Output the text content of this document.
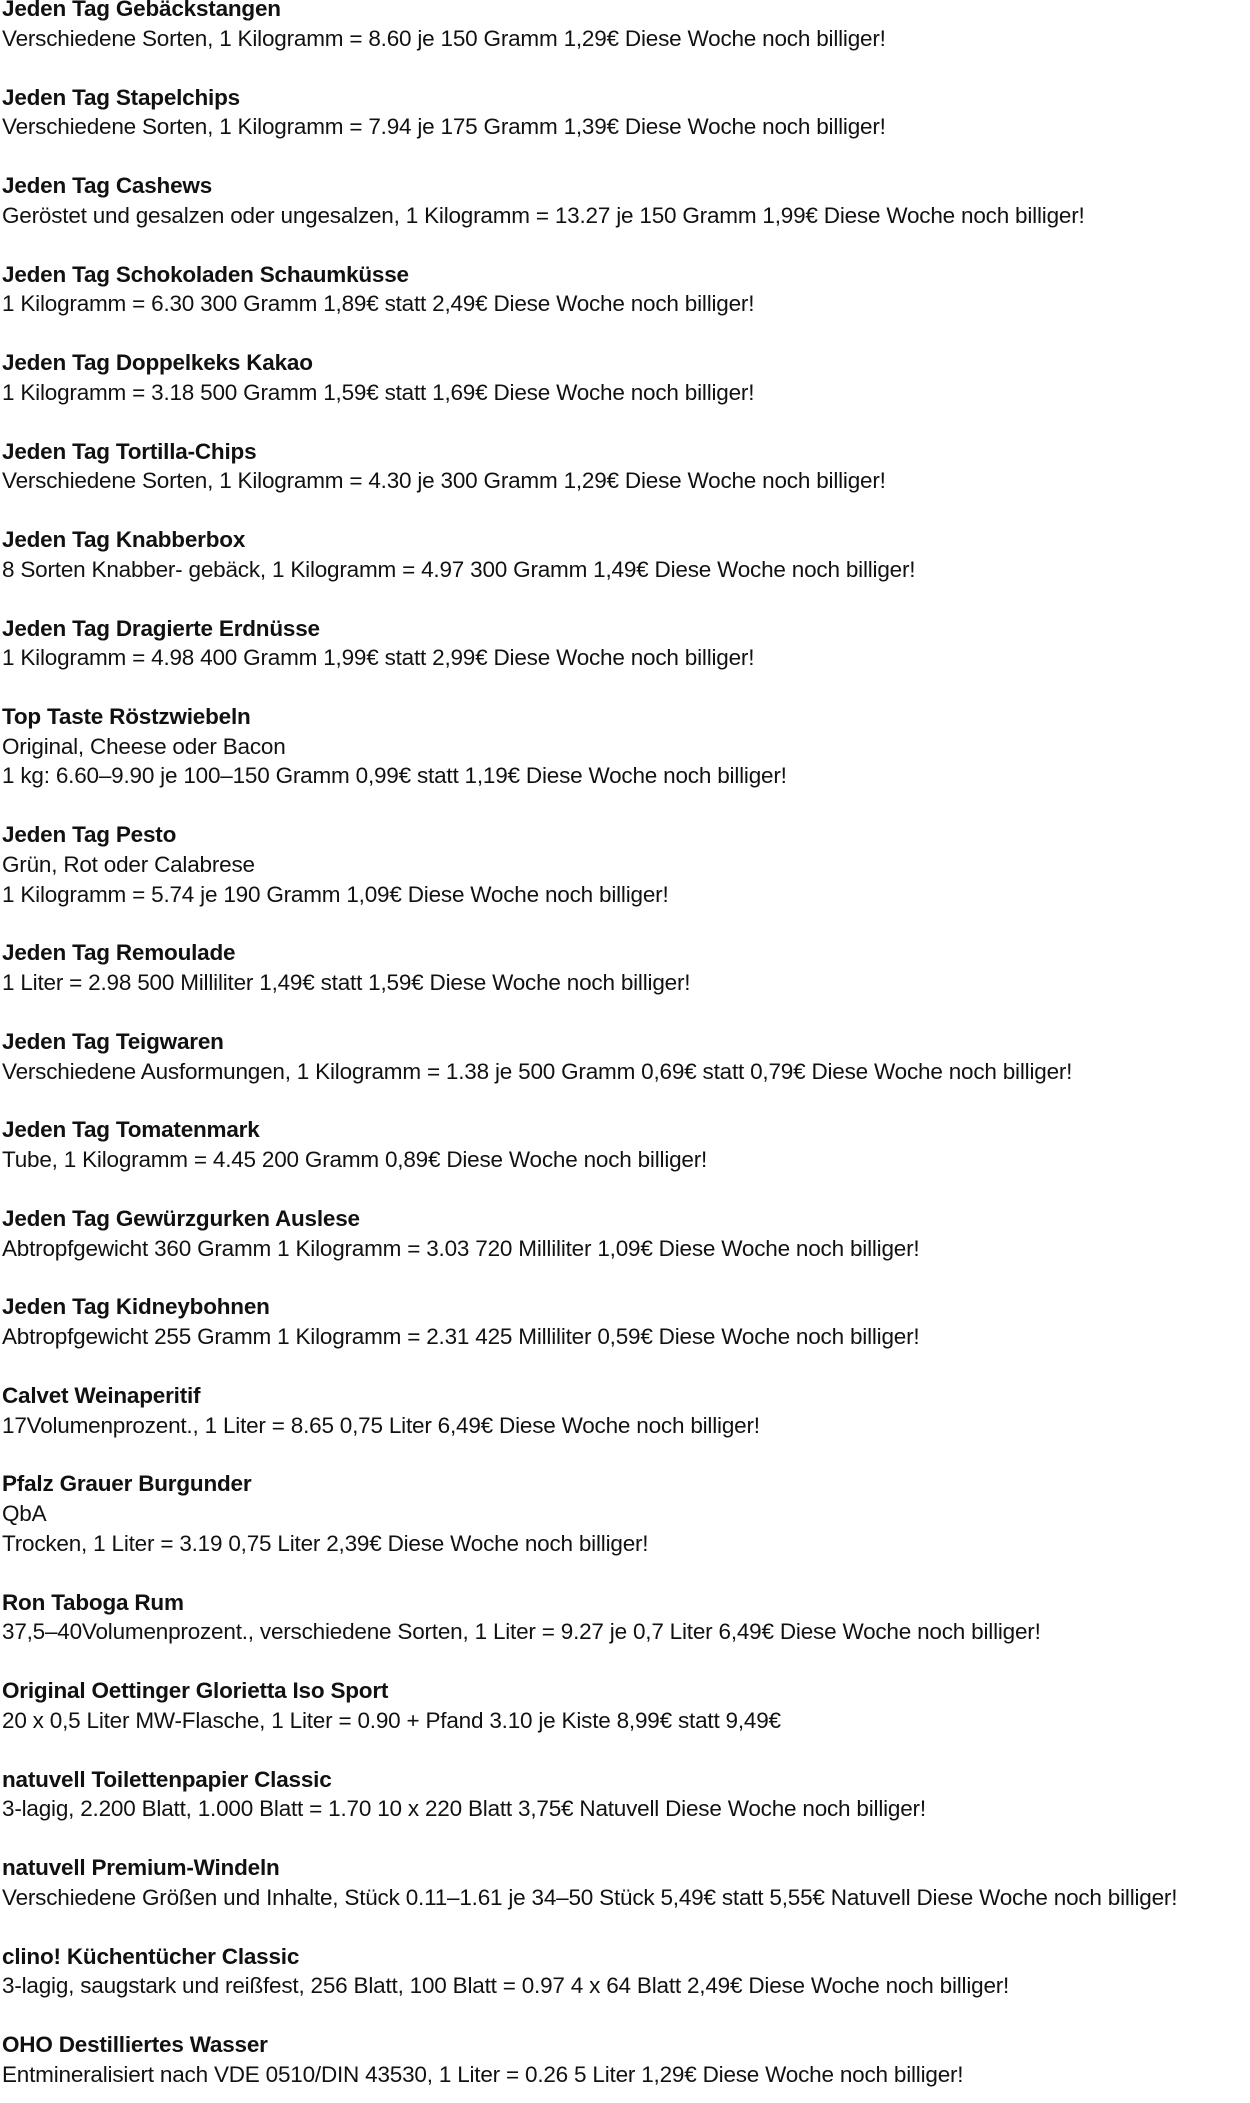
Jeden Tag Gebäckstangen
Verschiedene Sorten, 1 Kilogramm = 8.60 je 150 Gramm 1,29€ Diese Woche noch billiger!
Jeden Tag Stapelchips
Verschiedene Sorten, 1 Kilogramm = 7.94 je 175 Gramm 1,39€ Diese Woche noch billiger!
Jeden Tag Cashews
Geröstet und gesalzen oder ungesalzen, 1 Kilogramm = 13.27 je 150 Gramm 1,99€ Diese Woche noch billiger!
Jeden Tag Schokoladen Schaumküsse
1 Kilogramm = 6.30 300 Gramm 1,89€ statt 2,49€ Diese Woche noch billiger!
Jeden Tag Doppelkeks Kakao
1 Kilogramm = 3.18 500 Gramm 1,59€ statt 1,69€ Diese Woche noch billiger!
Jeden Tag Tortilla-Chips
Verschiedene Sorten, 1 Kilogramm = 4.30 je 300 Gramm 1,29€ Diese Woche noch billiger!
Jeden Tag Knabberbox
8 Sorten Knabber- gebäck, 1 Kilogramm = 4.97 300 Gramm 1,49€ Diese Woche noch billiger!
Jeden Tag Dragierte Erdnüsse
1 Kilogramm = 4.98 400 Gramm 1,99€ statt 2,99€ Diese Woche noch billiger!
Top Taste Röstzwiebeln
Original, Cheese oder Bacon
1 kg: 6.60–9.90 je 100–150 Gramm 0,99€ statt 1,19€ Diese Woche noch billiger!
Jeden Tag Pesto
Grün, Rot oder Calabrese
1 Kilogramm = 5.74 je 190 Gramm 1,09€ Diese Woche noch billiger!
Jeden Tag Remoulade
1 Liter = 2.98 500 Milliliter 1,49€ statt 1,59€ Diese Woche noch billiger!
Jeden Tag Teigwaren
Verschiedene Ausformungen, 1 Kilogramm = 1.38 je 500 Gramm 0,69€ statt 0,79€ Diese Woche noch billiger!
Jeden Tag Tomatenmark
Tube, 1 Kilogramm = 4.45 200 Gramm 0,89€ Diese Woche noch billiger!
Jeden Tag Gewürzgurken Auslese
Abtropfgewicht 360 Gramm 1 Kilogramm = 3.03 720 Milliliter 1,09€ Diese Woche noch billiger!
Jeden Tag Kidneybohnen
Abtropfgewicht 255 Gramm 1 Kilogramm = 2.31 425 Milliliter 0,59€ Diese Woche noch billiger!
Calvet Weinaperitif
17Volumenprozent., 1 Liter = 8.65 0,75 Liter 6,49€ Diese Woche noch billiger!
Pfalz Grauer Burgunder
QbA
Trocken, 1 Liter = 3.19 0,75 Liter 2,39€ Diese Woche noch billiger!
Ron Taboga Rum
37,5–40Volumenprozent., verschiedene Sorten, 1 Liter = 9.27 je 0,7 Liter 6,49€ Diese Woche noch billiger!
Original Oettinger Glorietta Iso Sport
20 x 0,5 Liter MW-Flasche, 1 Liter = 0.90 + Pfand 3.10 je Kiste 8,99€ statt 9,49€
natuvell Toilettenpapier Classic
3-lagig, 2.200 Blatt, 1.000 Blatt = 1.70 10 x 220 Blatt 3,75€ Natuvell Diese Woche noch billiger!
natuvell Premium-Windeln
Verschiedene Größen und Inhalte, Stück 0.11–1.61 je 34–50 Stück 5,49€ statt 5,55€ Natuvell Diese Woche noch billiger!
clino! Küchentücher Classic
3-lagig, saugstark und reißfest, 256 Blatt, 100 Blatt = 0.97 4 x 64 Blatt 2,49€ Diese Woche noch billiger!
OHO Destilliertes Wasser
Entmineralisiert nach VDE 0510/DIN 43530, 1 Liter = 0.26 5 Liter 1,29€ Diese Woche noch billiger!
